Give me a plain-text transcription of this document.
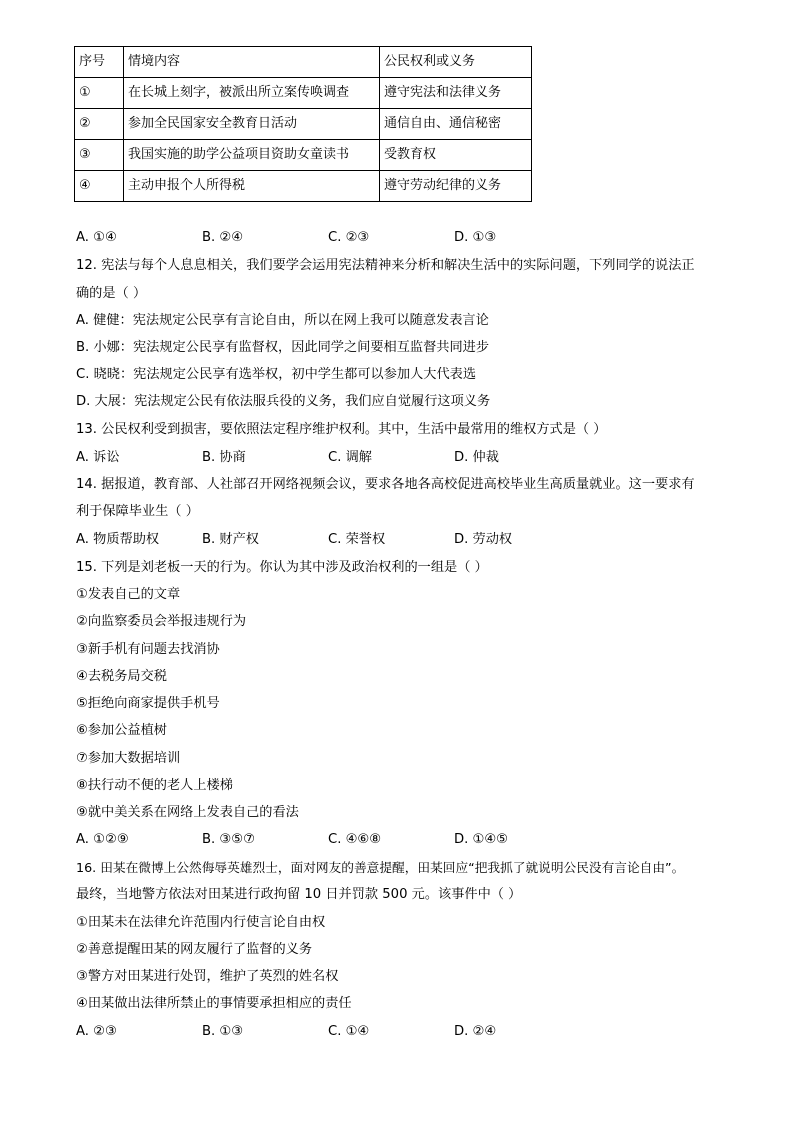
序号	情境内容	公民权利或义务
①	在长城上刻字，被派出所立案传唤调查	遵守宪法和法律义务
②	参加全民国家安全教育日活动	通信自由、通信秘密
③	我国实施的助学公益项目资助女童读书	受教育权
④	主动申报个人所得税	遵守劳动纪律的义务
A. ①④	B. ②④	C. ②③	D. ①③
12. 宪法与每个人息息相关，我们要学会运用宪法精神来分析和解决生活中的实际问题，下列同学的说法正
确的是（ ）
A. 健健：宪法规定公民享有言论自由，所以在网上我可以随意发表言论
B. 小娜：宪法规定公民享有监督权，因此同学之间要相互监督共同进步
C. 晓晓：宪法规定公民享有选举权，初中学生都可以参加人大代表选
D. 大展：宪法规定公民有依法服兵役的义务，我们应自觉履行这项义务
13. 公民权利受到损害，要依照法定程序维护权利。其中，生活中最常用的维权方式是（ ）
A. 诉讼	B. 协商	C. 调解	D. 仲裁
14. 据报道，教育部、人社部召开网络视频会议，要求各地各高校促进高校毕业生高质量就业。这一要求有
利于保障毕业生（ ）
A. 物质帮助权	B. 财产权	C. 荣誉权	D. 劳动权
15. 下列是刘老板一天的行为。你认为其中涉及政治权利的一组是（ ）
①发表自己的文章
②向监察委员会举报违规行为
③新手机有问题去找消协
④去税务局交税
⑤拒绝向商家提供手机号
⑥参加公益植树
⑦参加大数据培训
⑧扶行动不便的老人上楼梯
⑨就中美关系在网络上发表自己的看法
A. ①②⑨	B. ③⑤⑦	C. ④⑥⑧	D. ①④⑤
16. 田某在微博上公然侮辱英雄烈士，面对网友的善意提醒，田某回应“把我抓了就说明公民没有言论自由”。
最终，当地警方依法对田某进行政拘留 10 日并罚款 500 元。该事件中（ ）
①田某未在法律允许范围内行使言论自由权
②善意提醒田某的网友履行了监督的义务
③警方对田某进行处罚，维护了英烈的姓名权
④田某做出法律所禁止的事情要承担相应的责任
A. ②③	B. ①③	C. ①④	D. ②④
